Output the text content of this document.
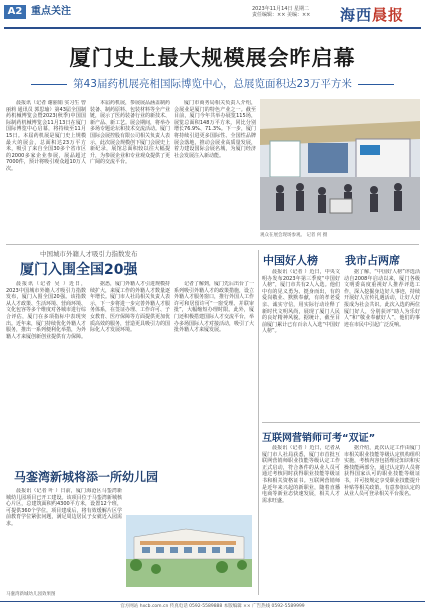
A2 重点关注	2023年11月14日 星期二
责任编辑：×× 美编：××	海西晨报
厦门史上最大规模展会昨启幕
第43届药机展亮相国际博览中心，总展览面积达23万平方米

晨报讯（记者 谢丽娟 实习生 曾丽莉 通讯员 郭思瑜）第43届全国制药机械博览会暨2023(秋季)中国国际制药机械博览会11月13日在厦门国际博览中心启幕，将持续至11月15日。本届药机展是厦门史上规模最大的展会，总面积达23万平方米，吸引了来自全国30多个省市区的2000多家企业参展，展品超过7000件，预计将吸引观众超10万人次。

本届药机展，参展展品涵盖制药装备、制药原料、包装材料等全产业链，展示了医药装备行业的新技术、新产品、新工艺。展会期间，将举办多场专题论坛和技术交流活动。厦门国际会展控股有限公司相关负责人表示，此次展会规模创下厦门会展史上新纪录，展馆总面积较以往大幅提升，为参展企业和专业观众提供了更广阔的交流平台。

厦门市商务局相关负责人介绍，会展业是厦门的特色产业之一。截至目前，厦门今年共举办展览115场，展览总面积148万平方米，同比分别增长76.9%、71.3%。下一步，厦门将持续引进更多国际性、全国性品牌展会落地，推动会展业高质量发展，着力建设国际会展名城，为厦门经济社会发展注入新动能。

观众在展会现场参观。 记者 何 摄
中国城市外籍人才吸引力指数发布
厦门入围全国20强

晨报讯（记者 吴 ）近日，2023中国城市外籍人才吸引力指数发布，厦门入围全国20强。该指数从人才政策、生活环境、营商环境、文化包容等多个维度对各城市进行综合评估，厦门在多项指标中表现突出。近年来，厦门持续优化外籍人才服务，推出一系列便利化举措，为外籍人才来厦创新创业提供有力保障。

据悉，厦门外籍人才引进规模持续扩大，来厦工作的外籍人才数量逐年增长。厦门市人社局相关负责人表示，下一步将进一步完善外籍人才服务体系，在签证办理、工作许可、子女教育、医疗保障等方面提供更加优质高效的服务，营造更具吸引力的国际化人才发展环境。

记者了解到，厦门先后出台了一系列吸引外籍人才的政策措施，设立外籍人才服务窗口，推行外国人工作许可和居留许可“一窗受理、并联审批”，大幅缩短办理时限。此外，厦门还积极搭建国际人才交流平台，举办多场国际人才对接活动，吸引了大批外籍人才来厦发展。

马銮湾新城将添一所幼儿园

晨报讯（记者 叶 ）日前，厦门海沧区马銮湾新城幼儿园项目已开工建设。该项目位于马銮湾新城核心片区，总建筑面积约4300平方米，设置12个班，可提供360个学位。项目建成后，将有效缓解片区学前教育学位紧张问题，满足周边居民子女就近入园需求。

马銮湾新城幼儿园效果图
中国好人榜

晨报讯（记者 ）近日，中央文明办发布2023年第三季度“中国好人榜”，厦门市共有2人入选。他们中有的见义勇为、挺身而出，有的爱岗敬业、默默奉献，有的孝老爱亲、诚实守信，用实际行动诠释了新时代文明风尚，展现了厦门人民的良好精神风貌。据统计，截至目前厦门累计已有百余人入选“中国好人榜”。

我市占两席

据了解，“中国好人榜”评选活动自2008年启动以来，厦门各级文明委高度重视好人推荐评选工作，深入挖掘身边好人事迹，持续开展好人宣传礼遇活动，让好人好报成为社会共识。此次入选的两位厦门好人，分别获评“助人为乐好人”和“敬业奉献好人”，他们的事迹在市民中引起广泛反响。

互联网营销师可考“双证”

晨报讯（记者 ）近日，记者从厦门市人社局获悉，厦门市首批互联网营销师职业技能等级认定工作正式启动，符合条件的从业人员可通过考核同时获得职业技能等级证书和相关资格证书。互联网营销师是近年来兴起的新职业，随着直播电商等新业态快速发展，相关人才需求旺盛。

据介绍，此次认定工作由厦门市相关职业技能等级认定机构组织实施，考核内容包括理论知识和实操技能两部分。通过认定的人员将获得国家认可的职业技能等级证书，并可按规定享受职业技能提升补贴等相关政策。有意参加认定的从业人员可登录相关平台报名。

官方网站 hxcb.com.cn 传真电话 0592-5589888 本版编辑 ×× 广告热线 0592-5589999
